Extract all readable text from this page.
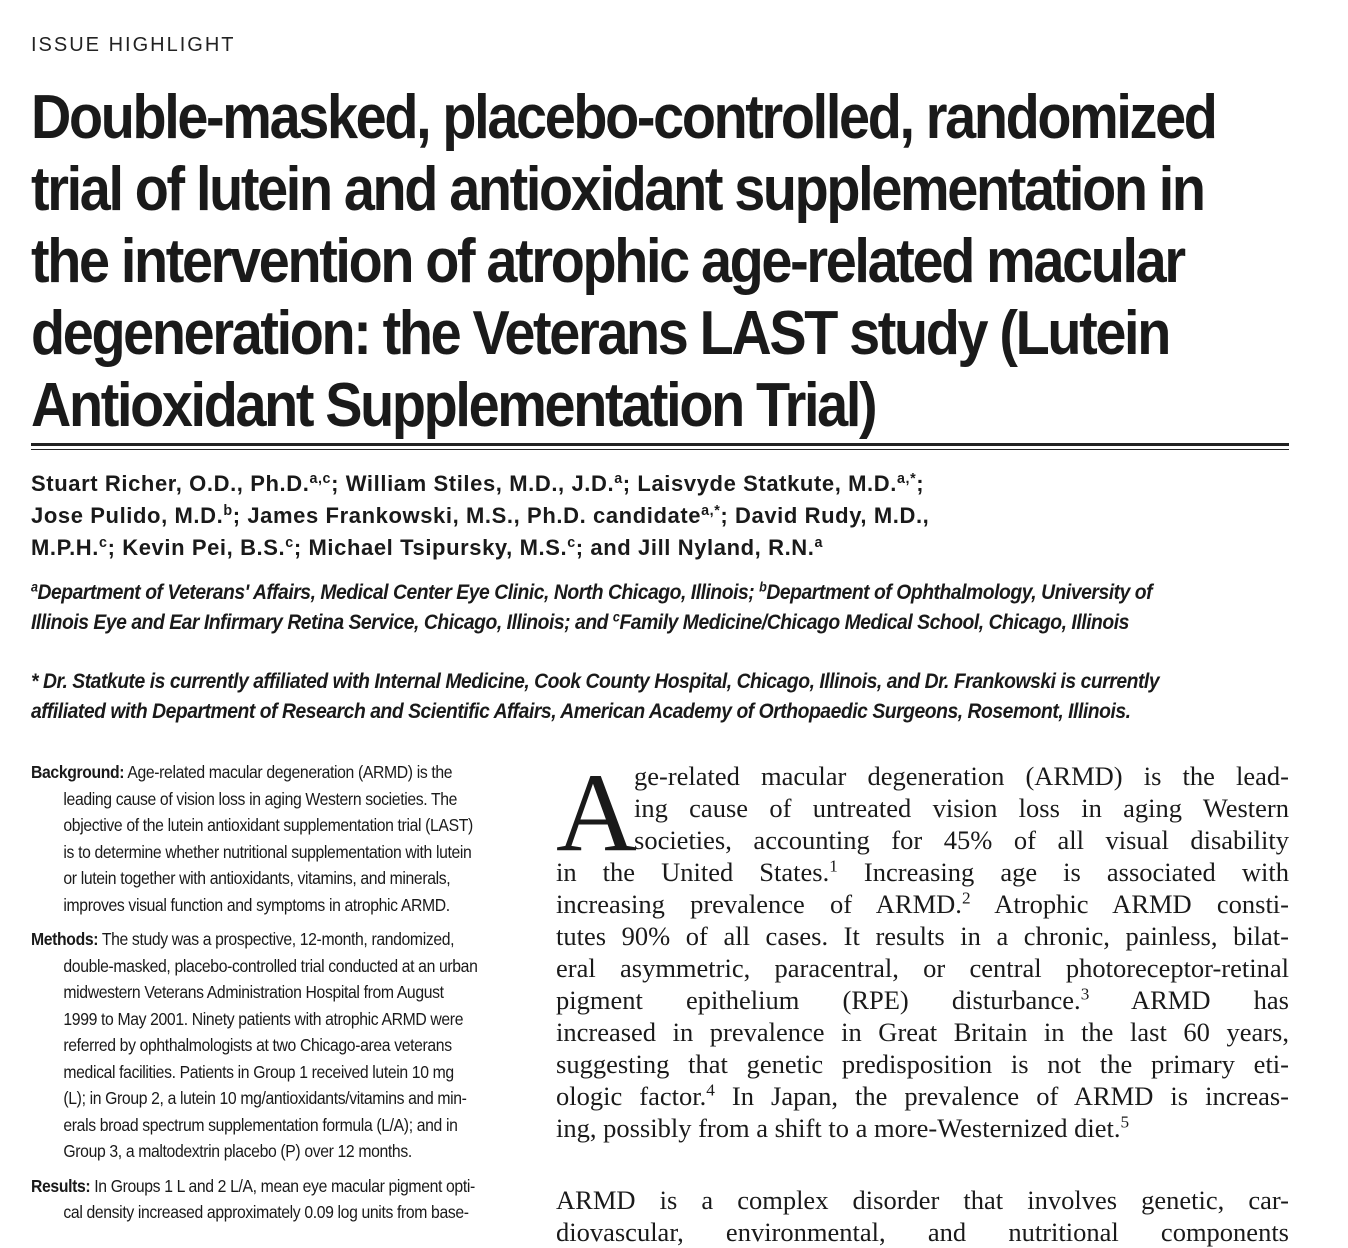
ISSUE HIGHLIGHT
Double-masked, placebo-controlled, randomized
trial of lutein and antioxidant supplementation in
the intervention of atrophic age-related macular
degeneration: the Veterans LAST study (Lutein
Antioxidant Supplementation Trial)
Stuart Richer, O.D., Ph.D.$^{a,c}$; William Stiles, M.D., J.D.$^a$; Laisvyde Statkute, M.D.$^{a,*}$;
Jose Pulido, M.D.$^b$; James Frankowski, M.S., Ph.D. candidate$^{a,*}$; David Rudy, M.D.,
M.P.H.$^c$; Kevin Pei, B.S.$^c$; Michael Tsipursky, M.S.$^c$; and Jill Nyland, R.N.$^a$
$^a$Department of Veterans' Affairs, Medical Center Eye Clinic, North Chicago, Illinois; $^b$Department of Ophthalmology, University of
Illinois Eye and Ear Infirmary Retina Service, Chicago, Illinois; and $^c$Family Medicine/Chicago Medical School, Chicago, Illinois
* Dr. Statkute is currently affiliated with Internal Medicine, Cook County Hospital, Chicago, Illinois, and Dr. Frankowski is currently
affiliated with Department of Research and Scientific Affairs, American Academy of Orthopaedic Surgeons, Rosemont, Illinois.
Background: Age-related macular degeneration (ARMD) is the
leading cause of vision loss in aging Western societies. The
objective of the lutein antioxidant supplementation trial (LAST)
is to determine whether nutritional supplementation with lutein
or lutein together with antioxidants, vitamins, and minerals,
improves visual function and symptoms in atrophic ARMD.
Methods: The study was a prospective, 12-month, randomized,
double-masked, placebo-controlled trial conducted at an urban
midwestern Veterans Administration Hospital from August
1999 to May 2001. Ninety patients with atrophic ARMD were
referred by ophthalmologists at two Chicago-area veterans
medical facilities. Patients in Group 1 received lutein 10 mg
(L); in Group 2, a lutein 10 mg/antioxidants/vitamins and min-
erals broad spectrum supplementation formula (L/A); and in
Group 3, a maltodextrin placebo (P) over 12 months.
Results: In Groups 1 L and 2 L/A, mean eye macular pigment opti-
cal density increased approximately 0.09 log units from base-
A
ge-related macular degeneration (ARMD) is the lead-
ing cause of untreated vision loss in aging Western
societies, accounting for 45% of all visual disability
in the United States.$^1$ Increasing age is associated with
increasing prevalence of ARMD.$^2$ Atrophic ARMD consti-
tutes 90% of all cases. It results in a chronic, painless, bilat-
eral asymmetric, paracentral, or central photoreceptor-retinal
pigment epithelium (RPE) disturbance.$^3$ ARMD has
increased in prevalence in Great Britain in the last 60 years,
suggesting that genetic predisposition is not the primary eti-
ologic factor.$^4$ In Japan, the prevalence of ARMD is increas-
ing, possibly from a shift to a more-Westernized diet.$^5$
ARMD is a complex disorder that involves genetic, car-
diovascular, environmental, and nutritional components
